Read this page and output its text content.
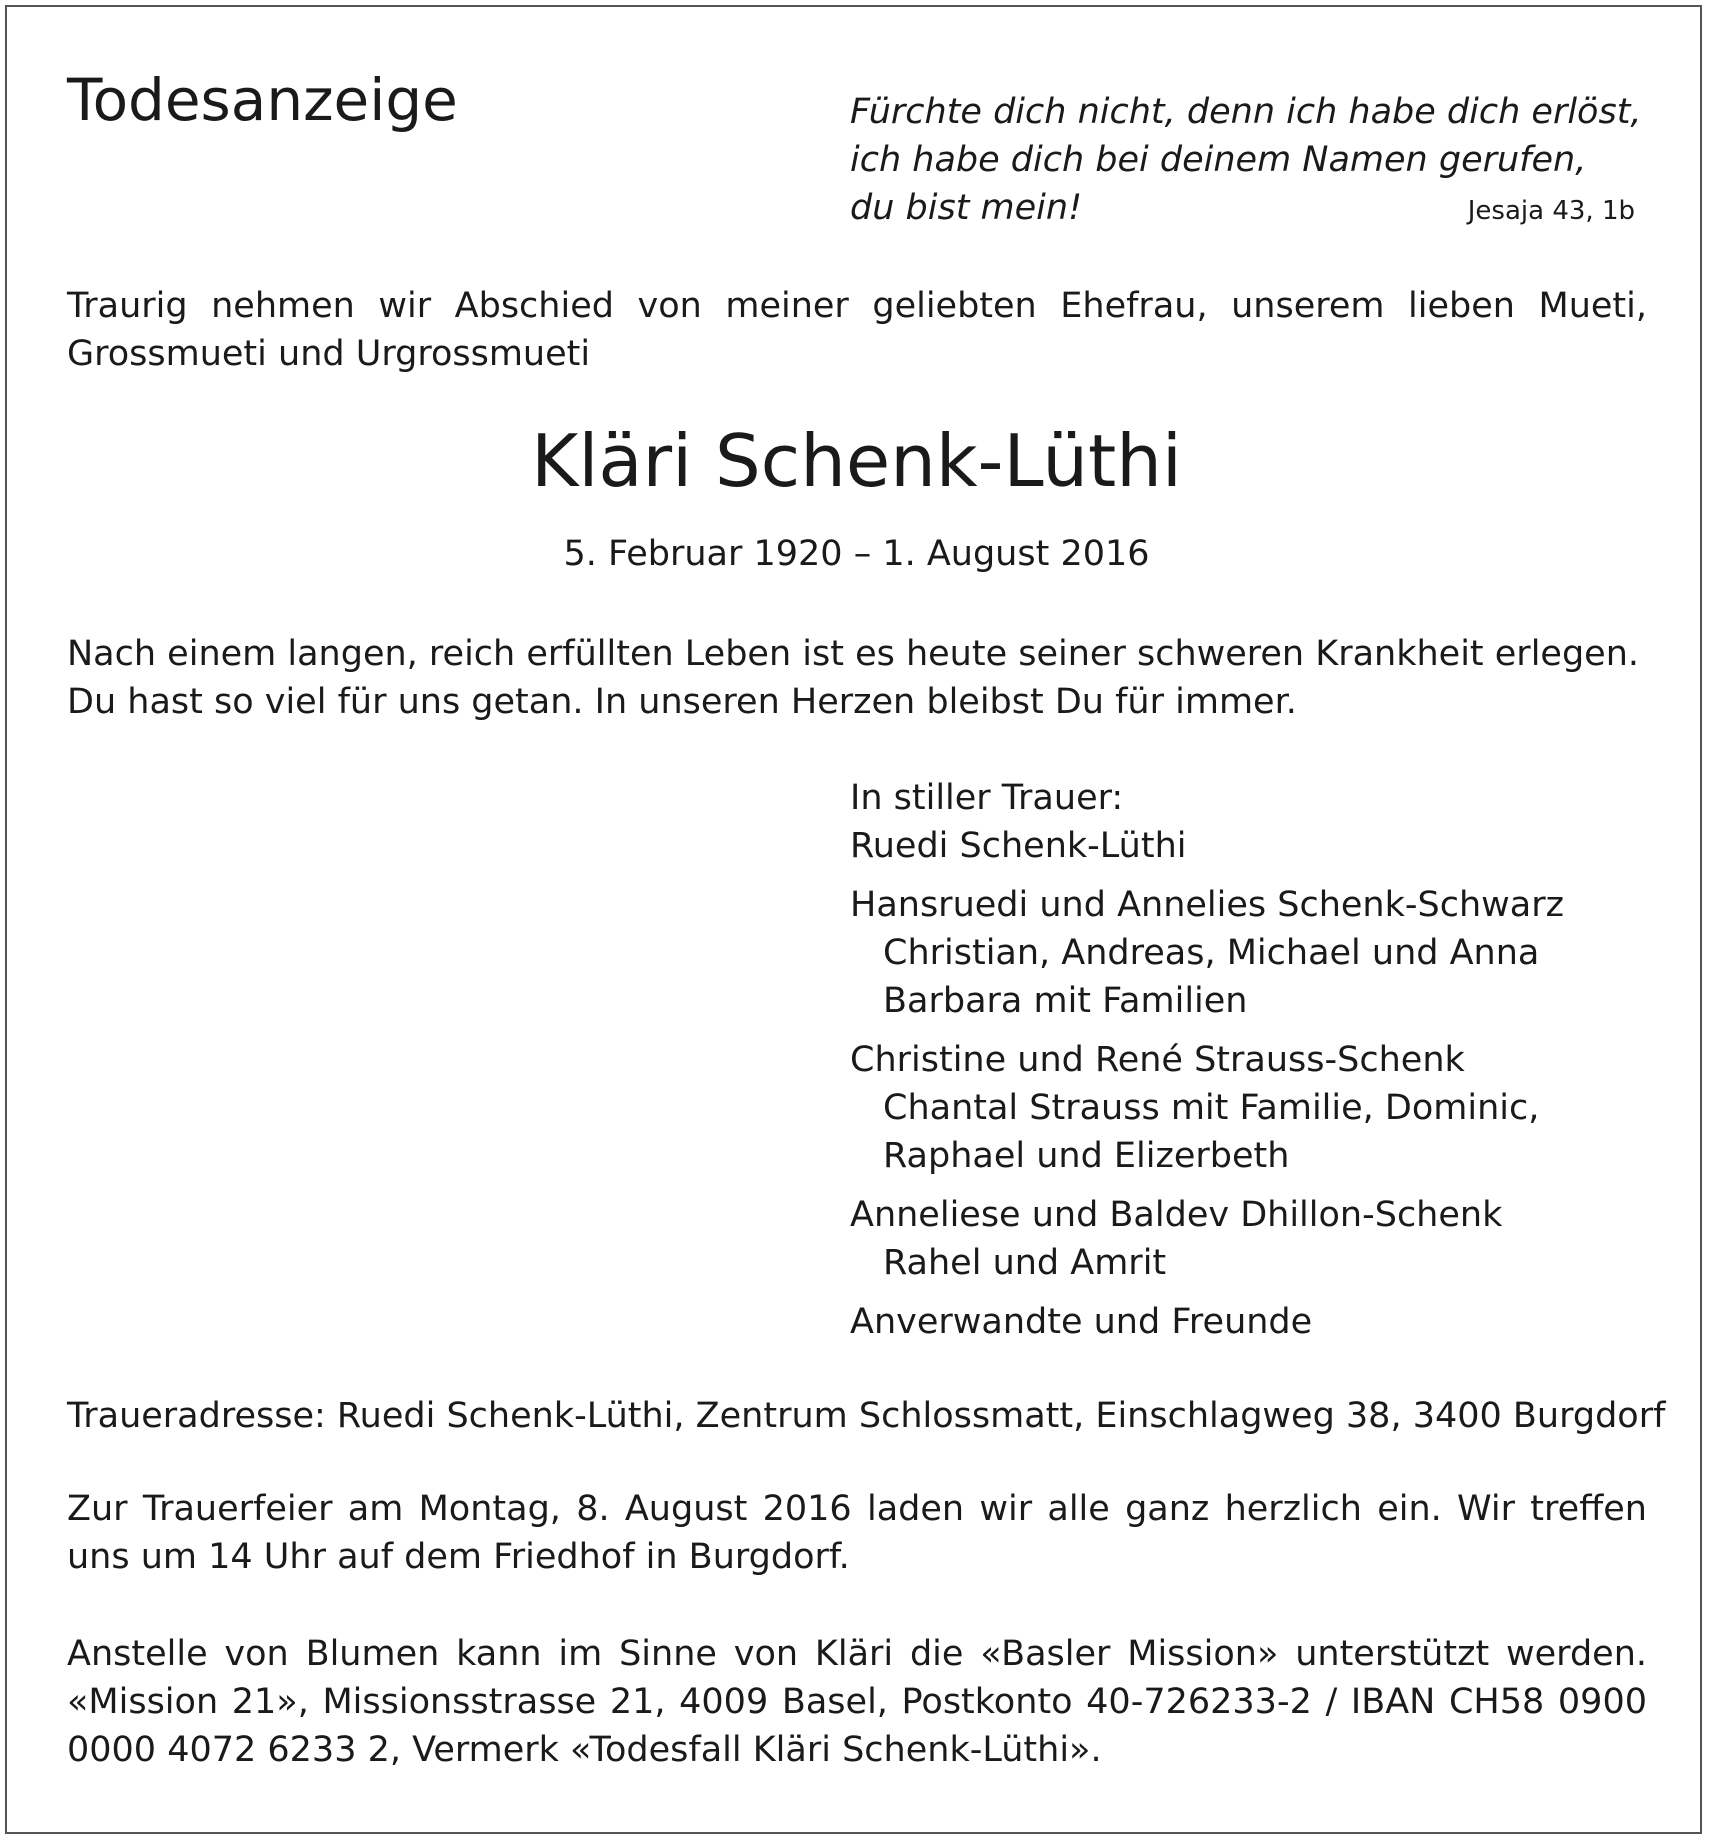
Todesanzeige	Fürchte dich nicht, denn ich habe dich erlöst,
ich habe dich bei deinem Namen gerufen,
du bist mein!	Jesaja 43, 1b
Traurig nehmen wir Abschied von meiner geliebten Ehefrau, unserem lieben Mueti, Grossmueti und Urgrossmueti
Kläri Schenk-Lüthi
5. Februar 1920 – 1. August 2016
Nach einem langen, reich erfüllten Leben ist es heute seiner schweren Krankheit erlegen.
Du hast so viel für uns getan. In unseren Herzen bleibst Du für immer.
In stiller Trauer:
Ruedi Schenk-Lüthi
Hansruedi und Annelies Schenk-Schwarz
Christian, Andreas, Michael und Anna
Barbara mit Familien
Christine und René Strauss-Schenk
Chantal Strauss mit Familie, Dominic,
Raphael und Elizerbeth
Anneliese und Baldev Dhillon-Schenk
Rahel und Amrit
Anverwandte und Freunde
Traueradresse: Ruedi Schenk-Lüthi, Zentrum Schlossmatt, Einschlagweg 38, 3400 Burgdorf
Zur Trauerfeier am Montag, 8. August 2016 laden wir alle ganz herzlich ein. Wir treffen uns um 14 Uhr auf dem Friedhof in Burgdorf.
Anstelle von Blumen kann im Sinne von Kläri die «Basler Mission» unterstützt werden. «Mission 21», Missionsstrasse 21, 4009 Basel, Postkonto 40-726233-2 / IBAN CH58 0900 0000 4072 6233 2, Vermerk «Todesfall Kläri Schenk-Lüthi».
